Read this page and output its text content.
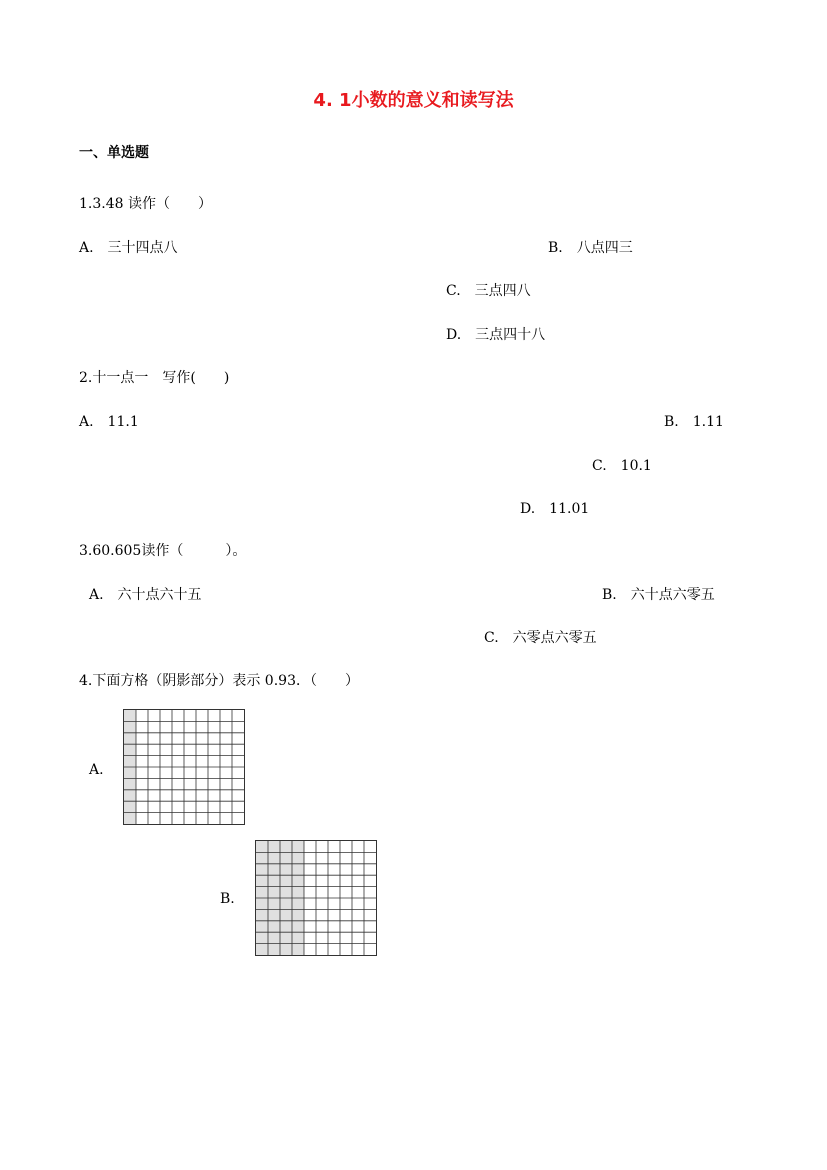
4. 1小数的意义和读写法
一、单选题
1.3.48 读作（　　）
A.　三十四点八	B.　八点四三
C.　三点四八
D.　三点四十八
2.十一点一　写作(　　)
A.　11.1	B.　1.11
C.　10.1
D.　11.01
3.60.605读作（　　　）。
A.　六十点六十五	B.　六十点六零五
C.　六零点六零五
4.下面方格（阴影部分）表示 0.93．（　　）
A.
B.
